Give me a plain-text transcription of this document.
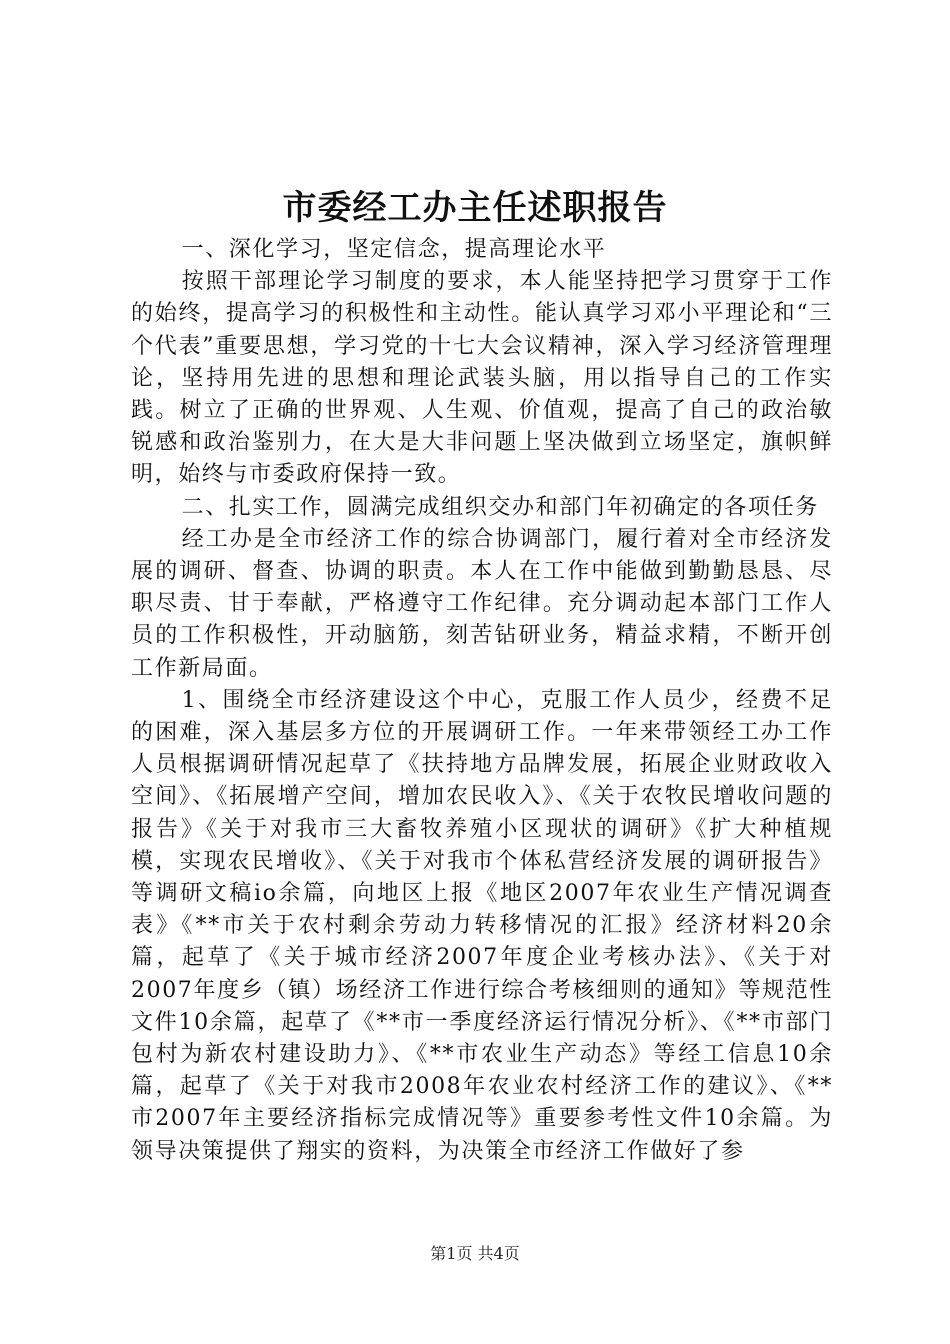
市委经工办主任述职报告

一、深化学习，坚定信念，提高理论水平

按照干部理论学习制度的要求，本人能坚持把学习贯穿于工作的始终，提高学习的积极性和主动性。能认真学习邓小平理论和“三个代表”重要思想，学习党的十七大会议精神，深入学习经济管理理论，坚持用先进的思想和理论武装头脑，用以指导自己的工作实践。树立了正确的世界观、人生观、价值观，提高了自己的政治敏锐感和政治鉴别力，在大是大非问题上坚决做到立场坚定，旗帜鲜明，始终与市委政府保持一致。

二、扎实工作，圆满完成组织交办和部门年初确定的各项任务

经工办是全市经济工作的综合协调部门，履行着对全市经济发展的调研、督查、协调的职责。本人在工作中能做到勤勤恳恳、尽职尽责、甘于奉献，严格遵守工作纪律。充分调动起本部门工作人员的工作积极性，开动脑筋，刻苦钻研业务，精益求精，不断开创工作新局面。

1、围绕全市经济建设这个中心，克服工作人员少，经费不足的困难，深入基层多方位的开展调研工作。一年来带领经工办工作人员根据调研情况起草了《扶持地方品牌发展，拓展企业财政收入空间》、《拓展增产空间，增加农民收入》、《关于农牧民增收问题的报告》《关于对我市三大畜牧养殖小区现状的调研》《扩大种植规模，实现农民增收》、《关于对我市个体私营经济发展的调研报告》等调研文稿io余篇，向地区上报《地区2007年农业生产情况调查表》《**市关于农村剩余劳动力转移情况的汇报》经济材料20余篇，起草了《关于城市经济2007年度企业考核办法》、《关于对2007年度乡（镇）场经济工作进行综合考核细则的通知》等规范性文件10余篇，起草了《**市一季度经济运行情况分析》、《**市部门包村为新农村建设助力》、《**市农业生产动态》等经工信息10余篇，起草了《关于对我市2008年农业农村经济工作的建议》、《**市2007年主要经济指标完成情况等》重要参考性文件10余篇。为领导决策提供了翔实的资料，为决策全市经济工作做好了参

第1页 共4页
